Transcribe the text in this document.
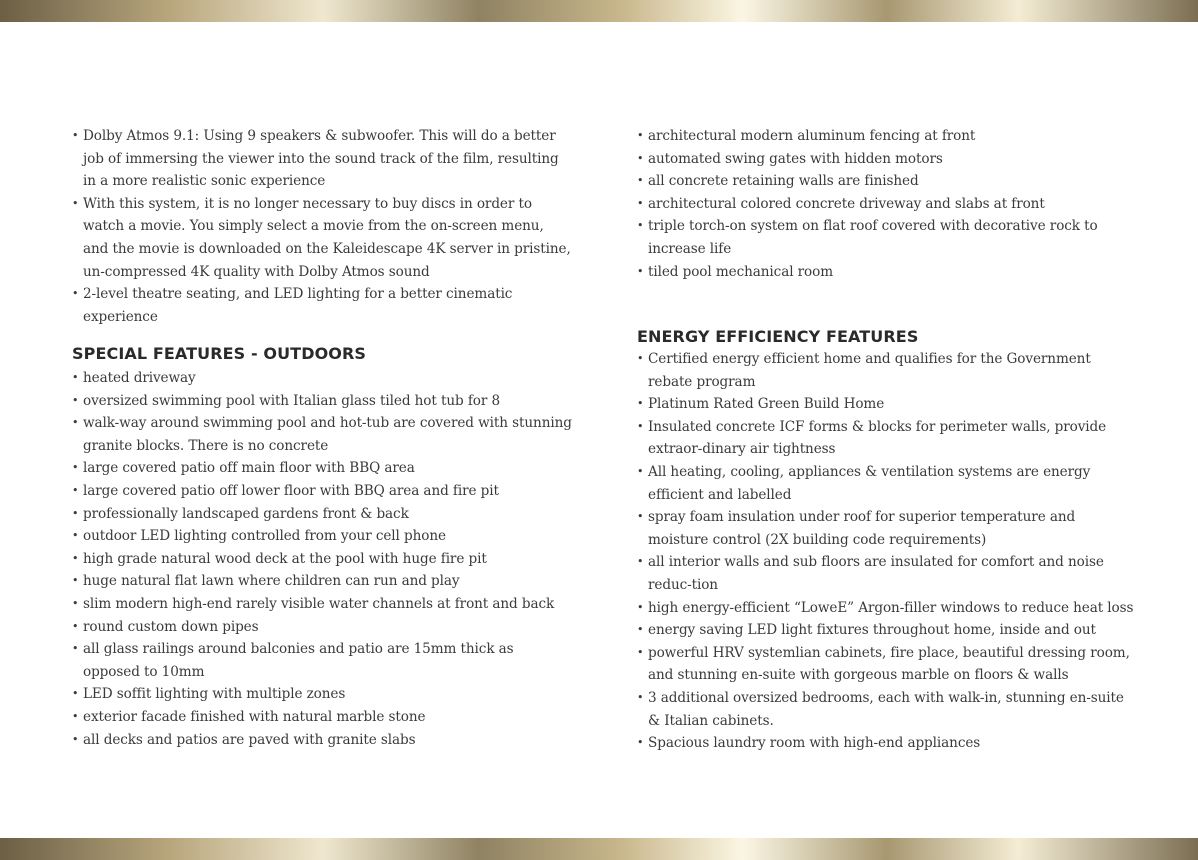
• Dolby Atmos 9.1: Using 9 speakers & subwoofer. This will do a better job of immersing the viewer into the sound track of the film, resulting in a more realistic sonic experience
• With this system, it is no longer necessary to buy discs in order to watch a movie. You simply select a movie from the on-screen menu, and the movie is downloaded on the Kaleidescape 4K server in pristine, un-compressed 4K quality with Dolby Atmos sound
• 2-level theatre seating, and LED lighting for a better cinematic experience
SPECIAL FEATURES - OUTDOORS
• heated driveway
• oversized swimming pool with Italian glass tiled hot tub for 8
• walk-way around swimming pool and hot-tub are covered with stunning granite blocks. There is no concrete
• large covered patio off main floor with BBQ area
• large covered patio off lower floor with BBQ area and fire pit
• professionally landscaped gardens front & back
• outdoor LED lighting controlled from your cell phone
• high grade natural wood deck at the pool with huge fire pit
• huge natural flat lawn where children can run and play
• slim modern high-end rarely visible water channels at front and back
• round custom down pipes
• all glass railings around balconies and patio are 15mm thick as opposed to 10mm
• LED soffit lighting with multiple zones
• exterior facade finished with natural marble stone
• all decks and patios are paved with granite slabs
• architectural modern aluminum fencing at front
• automated swing gates with hidden motors
• all concrete retaining walls are finished
• architectural colored concrete driveway and slabs at front
• triple torch-on system on flat roof covered with decorative rock to increase life
• tiled pool mechanical room
ENERGY EFFICIENCY FEATURES
• Certified energy efficient home and qualifies for the Government rebate program
• Platinum Rated Green Build Home
• Insulated concrete ICF forms & blocks for perimeter walls, provide extraor-dinary air tightness
• All heating, cooling, appliances & ventilation systems are energy efficient and labelled
• spray foam insulation under roof for superior temperature and moisture control (2X building code requirements)
• all interior walls and sub floors are insulated for comfort and noise reduc-tion
• high energy-efficient “LoweE” Argon-filler windows to reduce heat loss
• energy saving LED light fixtures throughout home, inside and out
• powerful HRV systemlian cabinets, fire place, beautiful dressing room, and stunning en-suite with gorgeous marble on floors & walls
• 3 additional oversized bedrooms, each with walk-in, stunning en-suite & Italian cabinets.
• Spacious laundry room with high-end appliances
